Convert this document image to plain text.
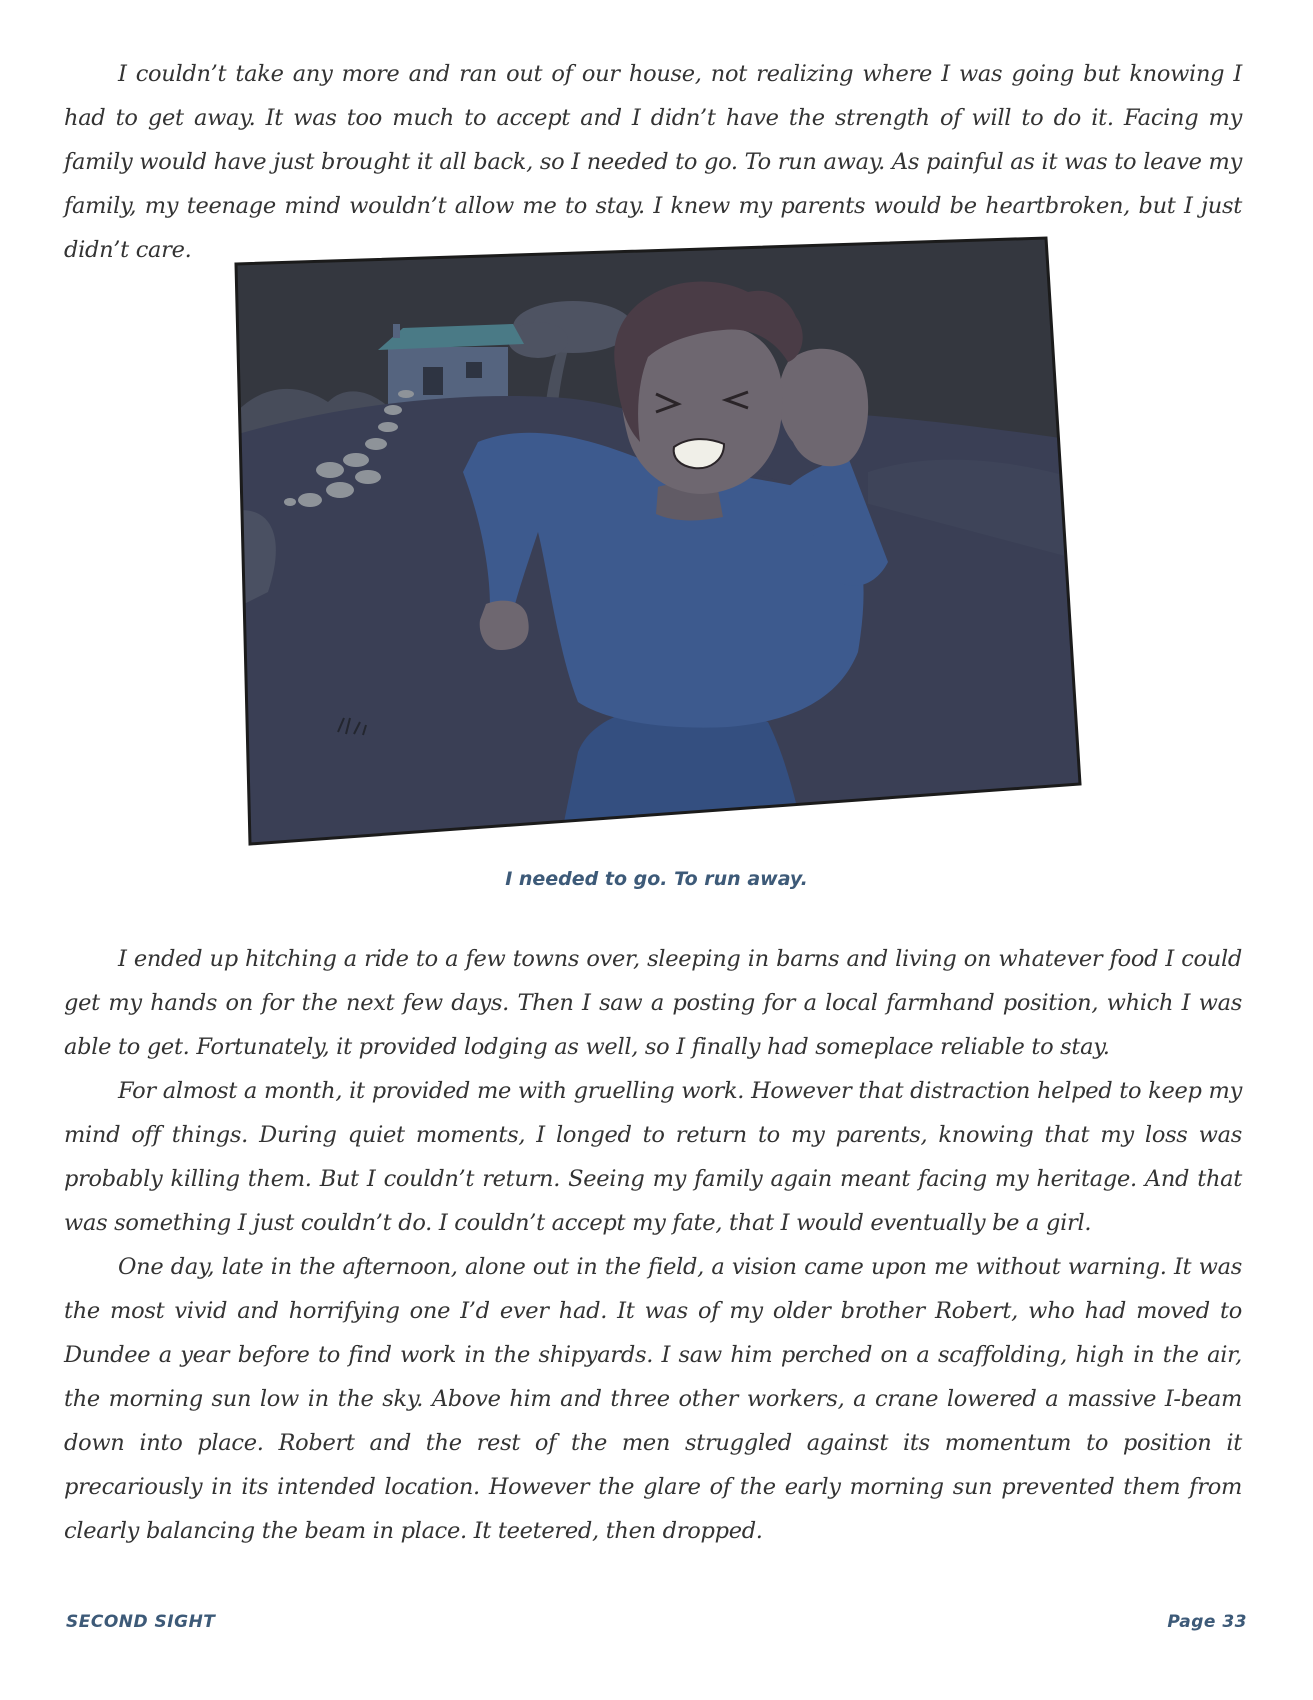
I couldn’t take any more and ran out of our house, not realizing where I was going but knowing I had to get away. It was too much to accept and I didn’t have the strength of will to do it. Facing my family would have just brought it all back, so I needed to go. To run away. As painful as it was to leave my family, my teenage mind wouldn’t allow me to stay. I knew my parents would be heartbroken, but I just didn’t care.

I needed to go. To run away.

I ended up hitching a ride to a few towns over, sleeping in barns and living on whatever food I could get my hands on for the next few days. Then I saw a posting for a local farmhand position, which I was able to get. Fortunately, it provided lodging as well, so I finally had someplace reliable to stay.

For almost a month, it provided me with gruelling work. However that distraction helped to keep my mind off things. During quiet moments, I longed to return to my parents, knowing that my loss was probably killing them. But I couldn’t return. Seeing my family again meant facing my heritage. And that was something I just couldn’t do. I couldn’t accept my fate, that I would eventually be a girl.

One day, late in the afternoon, alone out in the field, a vision came upon me without warning. It was the most vivid and horrifying one I’d ever had. It was of my older brother Robert, who had moved to Dundee a year before to find work in the shipyards. I saw him perched on a scaffolding, high in the air, the morning sun low in the sky. Above him and three other workers, a crane lowered a massive I-beam down into place. Robert and the rest of the men struggled against its momentum to position it precariously in its intended location. However the glare of the early morning sun prevented them from clearly balancing the beam in place. It teetered, then dropped.

SECOND SIGHT	Page 33
